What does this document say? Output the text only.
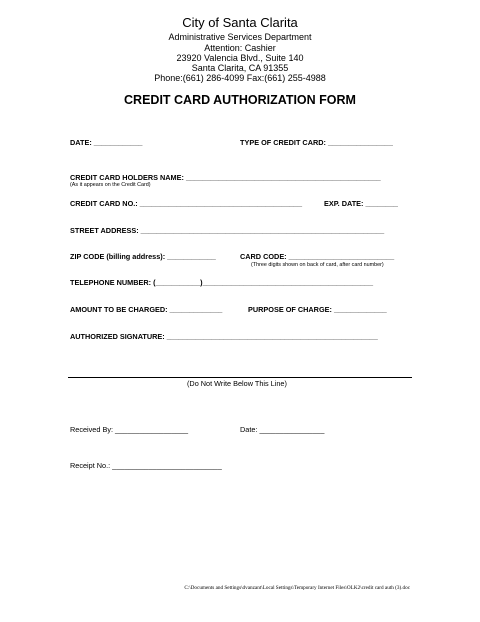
City of Santa Clarita
Administrative Services Department
Attention: Cashier
23920 Valencia Blvd., Suite 140
Santa Clarita, CA 91355
Phone:(661) 286-4099 Fax:(661) 255-4988
CREDIT CARD AUTHORIZATION FORM
DATE: ____________	TYPE OF CREDIT CARD: ________________
CREDIT CARD HOLDERS NAME: ________________________________________________
(As it appears on the Credit Card)
CREDIT CARD NO.: ________________________________________	EXP. DATE: ________
STREET ADDRESS: ____________________________________________________________
ZIP CODE (billing address): ____________	CARD CODE: __________________________
(Three digits shown on back of card, after card number)
TELEPHONE NUMBER: (___________)__________________________________________
AMOUNT TO BE CHARGED: _____________	PURPOSE OF CHARGE: _____________
AUTHORIZED SIGNATURE: ____________________________________________________
(Do Not Write Below This Line)
Received By: __________________	Date: ________________
Receipt No.: ___________________________
C:\Documents and Settings\dvanzant\Local Settings\Temporary Internet Files\OLK2\credit card auth (3).doc
